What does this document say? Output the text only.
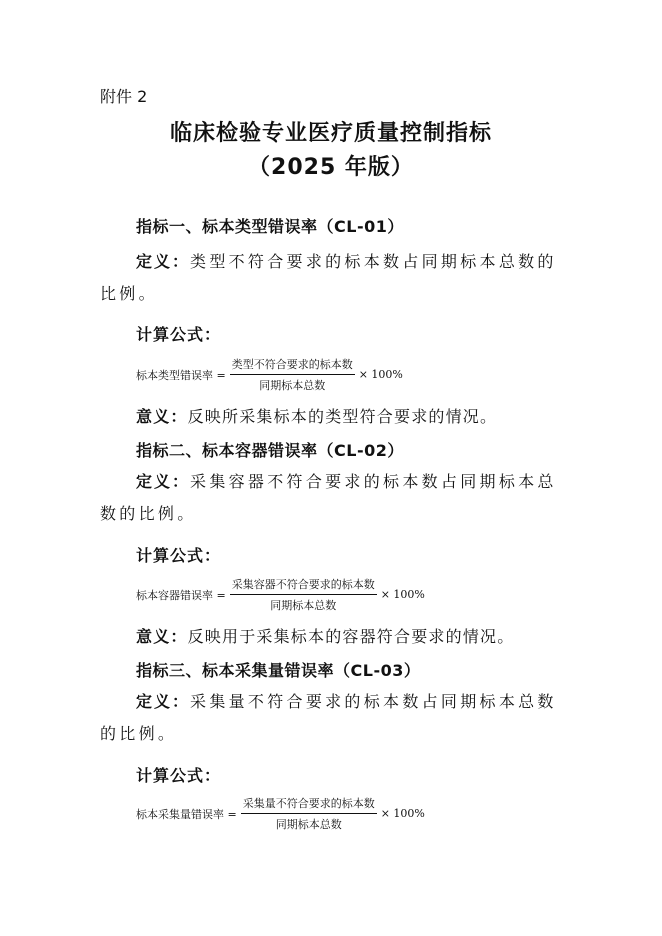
附件 2
临床检验专业医疗质量控制指标
（2025 年版）
指标一、标本类型错误率（CL-01）
定义：类型不符合要求的标本数占同期标本总数的比例。
计算公式：
标本类型错误率 = $\frac{\text{类型不符合要求的标本数}}{\text{同期标本总数}} \times 100\%$
意义：反映所采集标本的类型符合要求的情况。
指标二、标本容器错误率（CL-02）
定义：采集容器不符合要求的标本数占同期标本总数的比例。
计算公式：
标本容器错误率 = $\frac{\text{采集容器不符合要求的标本数}}{\text{同期标本总数}} \times 100\%$
意义：反映用于采集标本的容器符合要求的情况。
指标三、标本采集量错误率（CL-03）
定义：采集量不符合要求的标本数占同期标本总数的比例。
计算公式：
标本采集量错误率 = $\frac{\text{采集量不符合要求的标本数}}{\text{同期标本总数}} \times 100\%$
